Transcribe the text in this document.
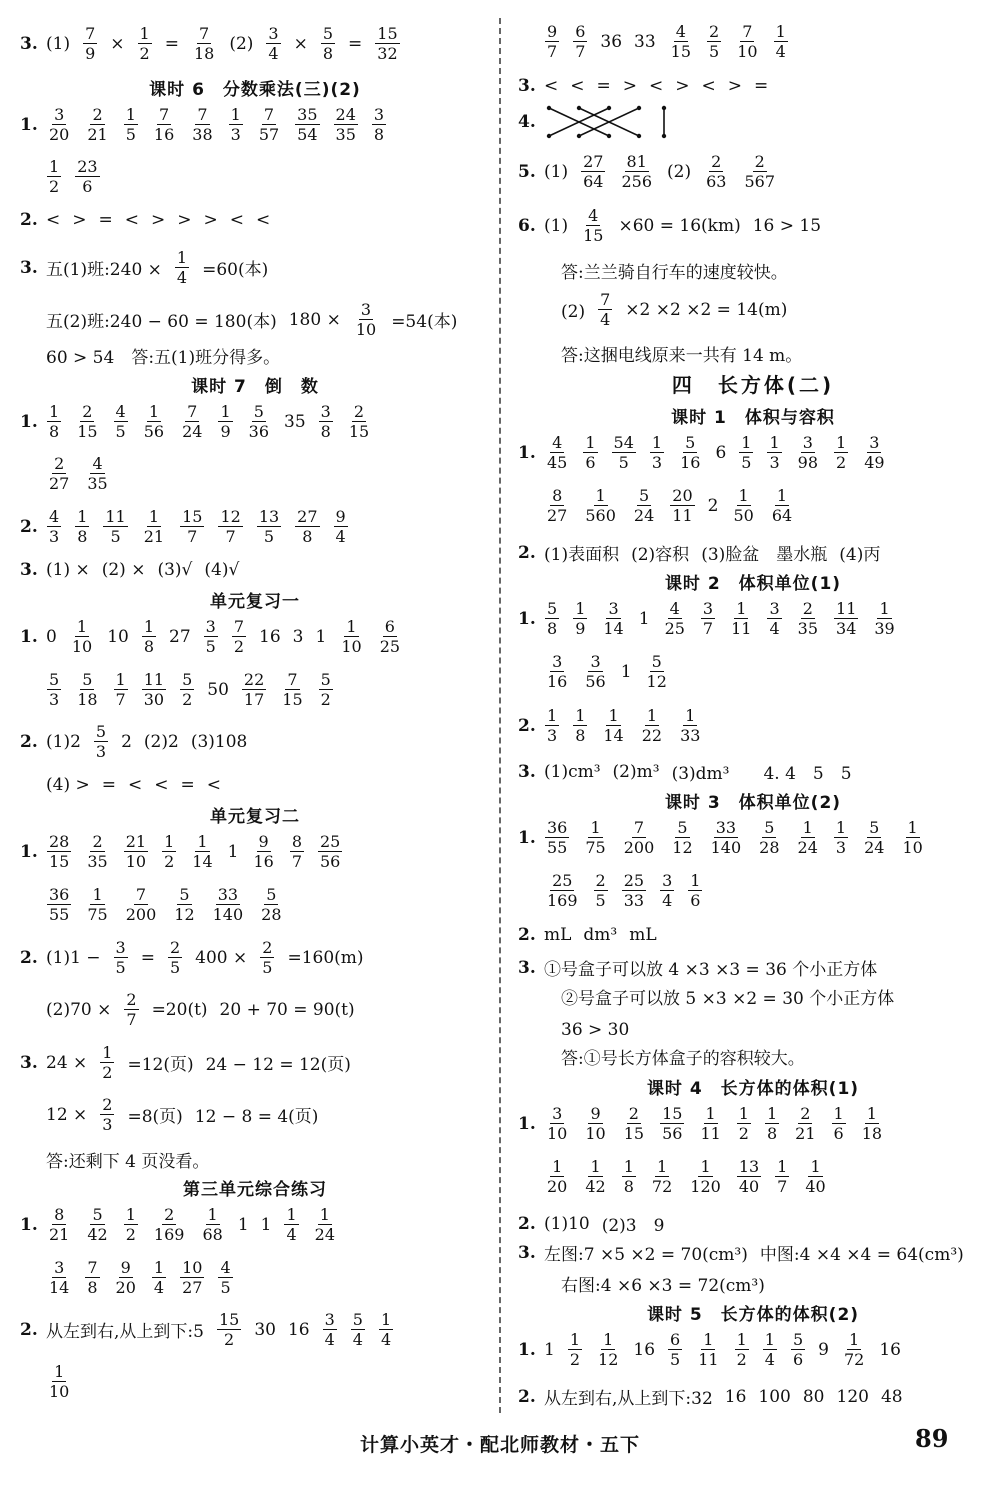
3. $(1) \frac{7}{9} \times \frac{1}{2} = \frac{7}{18} (2) \frac{3}{4} \times \frac{5}{8} = \frac{15}{32}$
课时 6　分数乘法(三)(2)
1. $\frac{3}{20} \frac{2}{21} \frac{1}{5} \frac{7}{16} \frac{7}{38} \frac{1}{3} \frac{7}{57} \frac{35}{54} \frac{24}{35} \frac{3}{8}$
$\frac{1}{2} \frac{23}{6}$
2. < > = < > > > < <
3. 五(1)班:240 × $\frac{1}{4} =60$(本)
五(2)班:240 − 60 = 180(本) $180 \times \frac{3}{10} =54$(本)
60 > 54　答:五(1)班分得多。
课时 7　倒　数
1. $\frac{1}{8} \frac{2}{15} \frac{4}{5} \frac{1}{56} \frac{7}{24} \frac{1}{9} \frac{5}{36} 35 \frac{3}{8} \frac{2}{15}$
$\frac{2}{27} \frac{4}{35}$
2. $\frac{4}{3} \frac{1}{8} \frac{11}{5} \frac{1}{21} \frac{15}{7} \frac{12}{7} \frac{13}{5} \frac{27}{8} \frac{9}{4}$
3. (1) × (2) × (3)√ (4)√
单元复习一
1. $0 \frac{1}{10} 10 \frac{1}{8} 27 \frac{3}{5} \frac{7}{2} 16$ 3 $1 \frac{1}{10} \frac{6}{25}$
$\frac{5}{3} \frac{5}{18} \frac{1}{7} \frac{11}{30} \frac{5}{2} 50 \frac{22}{17} \frac{7}{15} \frac{5}{2}$
2. $(1)2 \frac{5}{3} 2$ (2)2 (3)108
(4) > = < < = <
单元复习二
1. $\frac{28}{15} \frac{2}{35} \frac{21}{10} \frac{1}{2} \frac{1}{14} 1 \frac{9}{16} \frac{8}{7} \frac{25}{56}$
$\frac{36}{55} \frac{1}{75} \frac{7}{200} \frac{5}{12} \frac{33}{140} \frac{5}{28}$
2. $(1)1 - \frac{3}{5} = \frac{2}{5} 400 \times \frac{2}{5} =160(m)$
$(2)70 \times \frac{2}{7} =20(t) 20 + 70 = 90(t)$
3. $24 \times \frac{1}{2} =12$(页) 24 − 12 = 12(页)
$12 \times \frac{2}{3} =8$(页) 12 − 8 = 4(页)
答:还剩下 4 页没看。
第三单元综合练习
1. $\frac{8}{21} \frac{5}{42} \frac{1}{2} \frac{2}{169} \frac{1}{68} 1$ $1 \frac{1}{4} \frac{1}{24}$
$\frac{3}{14} \frac{7}{8} \frac{9}{20} \frac{1}{4} \frac{10}{27} \frac{4}{5}$
2. 从左到右,从上到下:5 $\frac{15}{2} 30$ $16 \frac{3}{4} \frac{5}{4} \frac{1}{4}$
$\frac{1}{10}$
$\frac{9}{7} \frac{6}{7} 36$ $33 \frac{4}{15} \frac{2}{5} \frac{7}{10} \frac{1}{4}$
3. < < = > < > < > =
4.
5. $(1) \frac{27}{64} \frac{81}{256} (2) \frac{2}{63} \frac{2}{567}$
6. $(1) \frac{4}{15} \times 60 = 16(km) 16 > 15$
　答:兰兰骑自行车的速度较快。
　$(2) \frac{7}{4} \times 2 \times 2 \times 2 = 14(m)$
　答:这捆电线原来一共有 14 m。
四　长方体(二)
课时 1　体积与容积
1. $\frac{4}{45} \frac{1}{6} \frac{54}{5} \frac{1}{3} \frac{5}{16} 6 \frac{1}{5} \frac{1}{3} \frac{3}{98} \frac{1}{2} \frac{3}{49}$
$\frac{8}{27} \frac{1}{560} \frac{5}{24} \frac{20}{11} 2 \frac{1}{50} \frac{1}{64}$
2. (1)表面积 (2)容积 (3)脸盆　墨水瓶 (4)丙
课时 2　体积单位(1)
1. $\frac{5}{8} \frac{1}{9} \frac{3}{14} 1 \frac{4}{25} \frac{3}{7} \frac{1}{11} \frac{3}{4} \frac{2}{35} \frac{11}{34} \frac{1}{39}$
$\frac{3}{16} \frac{3}{56} 1 \frac{5}{12}$
2. $\frac{1}{3} \frac{1}{8} \frac{1}{14} \frac{1}{22} \frac{1}{33}$
3. (1)cm³ (2)m³ (3)dm³　　4. 4　5　5
课时 3　体积单位(2)
1. $\frac{36}{55} \frac{1}{75} \frac{7}{200} \frac{5}{12} \frac{33}{140} \frac{5}{28} \frac{1}{24} \frac{1}{3} \frac{5}{24} \frac{1}{10}$
$\frac{25}{169} \frac{2}{5} \frac{25}{33} \frac{3}{4} \frac{1}{6}$
2. mL dm³ mL
3. ①号盒子可以放 4 ×3 ×3 = 36 个小正方体
　②号盒子可以放 5 ×3 ×2 = 30 个小正方体
　36 > 30
　答:①号长方体盒子的容积较大。
课时 4　长方体的体积(1)
1. $\frac{3}{10} \frac{9}{10} \frac{2}{15} \frac{15}{56} \frac{1}{11} \frac{1}{2} \frac{1}{8} \frac{2}{21} \frac{1}{6} \frac{1}{18}$
$\frac{1}{20} \frac{1}{42} \frac{1}{8} \frac{1}{72} \frac{1}{120} \frac{13}{40} \frac{1}{7} \frac{1}{40}$
2. (1)10 (2)3　9
3. 左图:7 ×5 ×2 = 70(cm³) 中图:4 ×4 ×4 = 64(cm³)
　右图:4 ×6 ×3 = 72(cm³)
课时 5　长方体的体积(2)
1. $1 \frac{1}{2} \frac{1}{12} 16 \frac{6}{5} \frac{1}{11} \frac{1}{2} \frac{1}{4} \frac{5}{6} 9 \frac{1}{72} 16$
2. 从左到右,从上到下:32 16 100 80 120 48
计算小英才・配北师教材・五下	89
